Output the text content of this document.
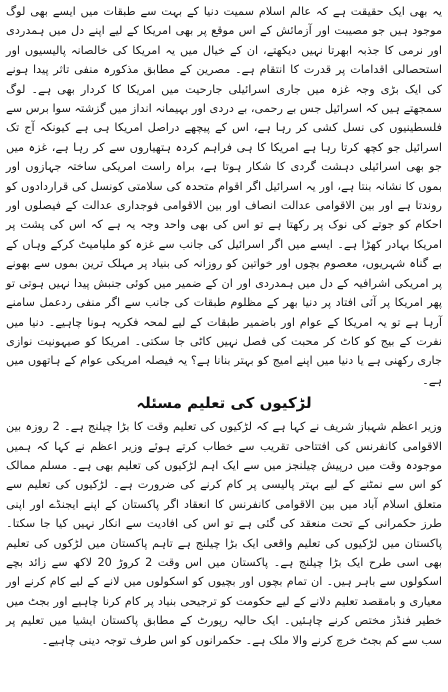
یہ بھی ایک حقیقت ہے کہ عالم اسلام سمیت دنیا کے بہت سے طبقات میں ایسے بھی لوگ موجود ہیں جو مصیبت اور آزمائش کے اس موقع پر بھی امریکا کے لیے اپنے دل میں ہمدردی اور نرمی کا جذبہ ابھرتا نہیں دیکھتے، ان کے خیال میں یہ امریکا کی خالصانہ پالیسیوں اور استحصالی اقدامات پر قدرت کا انتقام ہے۔ مصرین کے مطابق مذکورہ منفی تاثر پیدا ہونے کی ایک بڑی وجہ غزہ میں جاری اسرائیلی جارحیت میں امریکا کا کردار بھی ہے۔ لوگ سمجھتے ہیں کہ اسرائیل جس بے رحمی، بے دردی اور بہیمانہ انداز میں گزشتہ سوا برس سے فلسطینیوں کی نسل کشی کر رہا ہے، اس کے پیچھے دراصل امریکا ہی ہے کیونکہ آج تک اسرائیل جو کچھ کرتا رہا ہے امریکا کا ہی فراہم کردہ ہتھیاروں سے کر رہا ہے، غزہ میں جو بھی اسرائیلی دہشت گردی کا شکار ہوتا ہے، براہ راست امریکی ساختہ جہازوں اور بموں کا نشانہ بنتا ہے، اور یہ اسرائیل اگر اقوام متحدہ کی سلامتی کونسل کی قراردادوں کو روندتا ہے اور بین الاقوامی عدالت انصاف اور بین الاقوامی فوجداری عدالت کے فیصلوں اور احکام کو جوتے کی نوک پر رکھتا ہے تو اس کی بھی واحد وجہ یہ ہے کہ اس کی پشت پر امریکا بہادر کھڑا ہے۔ ایسے میں اگر اسرائیل کی جانب سے غزہ کو ملیامیٹ کرکے وہاں کے بے گناہ شہریوں، معصوم بچوں اور خواتین کو روزانہ کی بنیاد پر مہلک ترین بموں سے بھونے پر امریکی اشرافیہ کے دل میں ہمدردی اور ان کے ضمیر میں کوئی جنبش پیدا نہیں ہوتی تو پھر امریکا پر آئی افتاد پر دنیا بھر کے مظلوم طبقات کی جانب سے اگر منفی ردعمل سامنے آرہا ہے تو یہ امریکا کے عوام اور باضمیر طبقات کے لیے لمحہ فکریہ ہونا چاہیے۔ دنیا میں نفرت کے بیج کو کاٹ کر محبت کی فصل نہیں کاٹی جا سکتی۔ امریکا کو صیہونیت نوازی جاری رکھنی ہے یا دنیا میں اپنے امیج کو بہتر بنانا ہے؟ یہ فیصلہ امریکی عوام کے ہاتھوں میں ہے۔

لڑکیوں کی تعلیم مسئلہ

وزیر اعظم شہباز شریف نے کہا ہے کہ لڑکیوں کی تعلیم وقت کا بڑا چیلنج ہے۔ 2 روزہ بین الاقوامی کانفرنس کی افتتاحی تقریب سے خطاب کرتے ہوئے وزیر اعظم نے کہا کہ ہمیں موجودہ وقت میں درپیش چیلنجز میں سے ایک اہم لڑکیوں کی تعلیم بھی ہے۔ مسلم ممالک کو اس سے نمٹنے کے لیے بہتر پالیسی پر کام کرنے کی ضرورت ہے۔ لڑکیوں کی تعلیم سے متعلق اسلام آباد میں بین الاقوامی کانفرنس کا انعقاد اگر پاکستان کے اپنے ایجنڈے اور اپنی طرز حکمرانی کے تحت منعقد کی گئی ہے تو اس کی افادیت سے انکار نہیں کیا جا سکتا۔ پاکستان میں لڑکیوں کی تعلیم واقعی ایک بڑا چیلنج ہے تاہم پاکستان میں لڑکوں کی تعلیم بھی اسی طرح ایک بڑا چیلنج ہے۔ پاکستان میں اس وقت 2 کروڑ 20 لاکھ سے زائد بچے اسکولوں سے باہر ہیں۔ ان تمام بچوں اور بچیوں کو اسکولوں میں لانے کے لیے کام کرنے اور معیاری و بامقصد تعلیم دلانے کے لیے حکومت کو ترجیحی بنیاد پر کام کرنا چاہیے اور بجٹ میں خطیر فنڈز مختص کرنے چاہئیں۔ ایک حالیہ رپورٹ کے مطابق پاکستان ایشیا میں تعلیم پر سب سے کم بجٹ خرچ کرنے والا ملک ہے۔ حکمرانوں کو اس طرف توجہ دینی چاہیے۔
